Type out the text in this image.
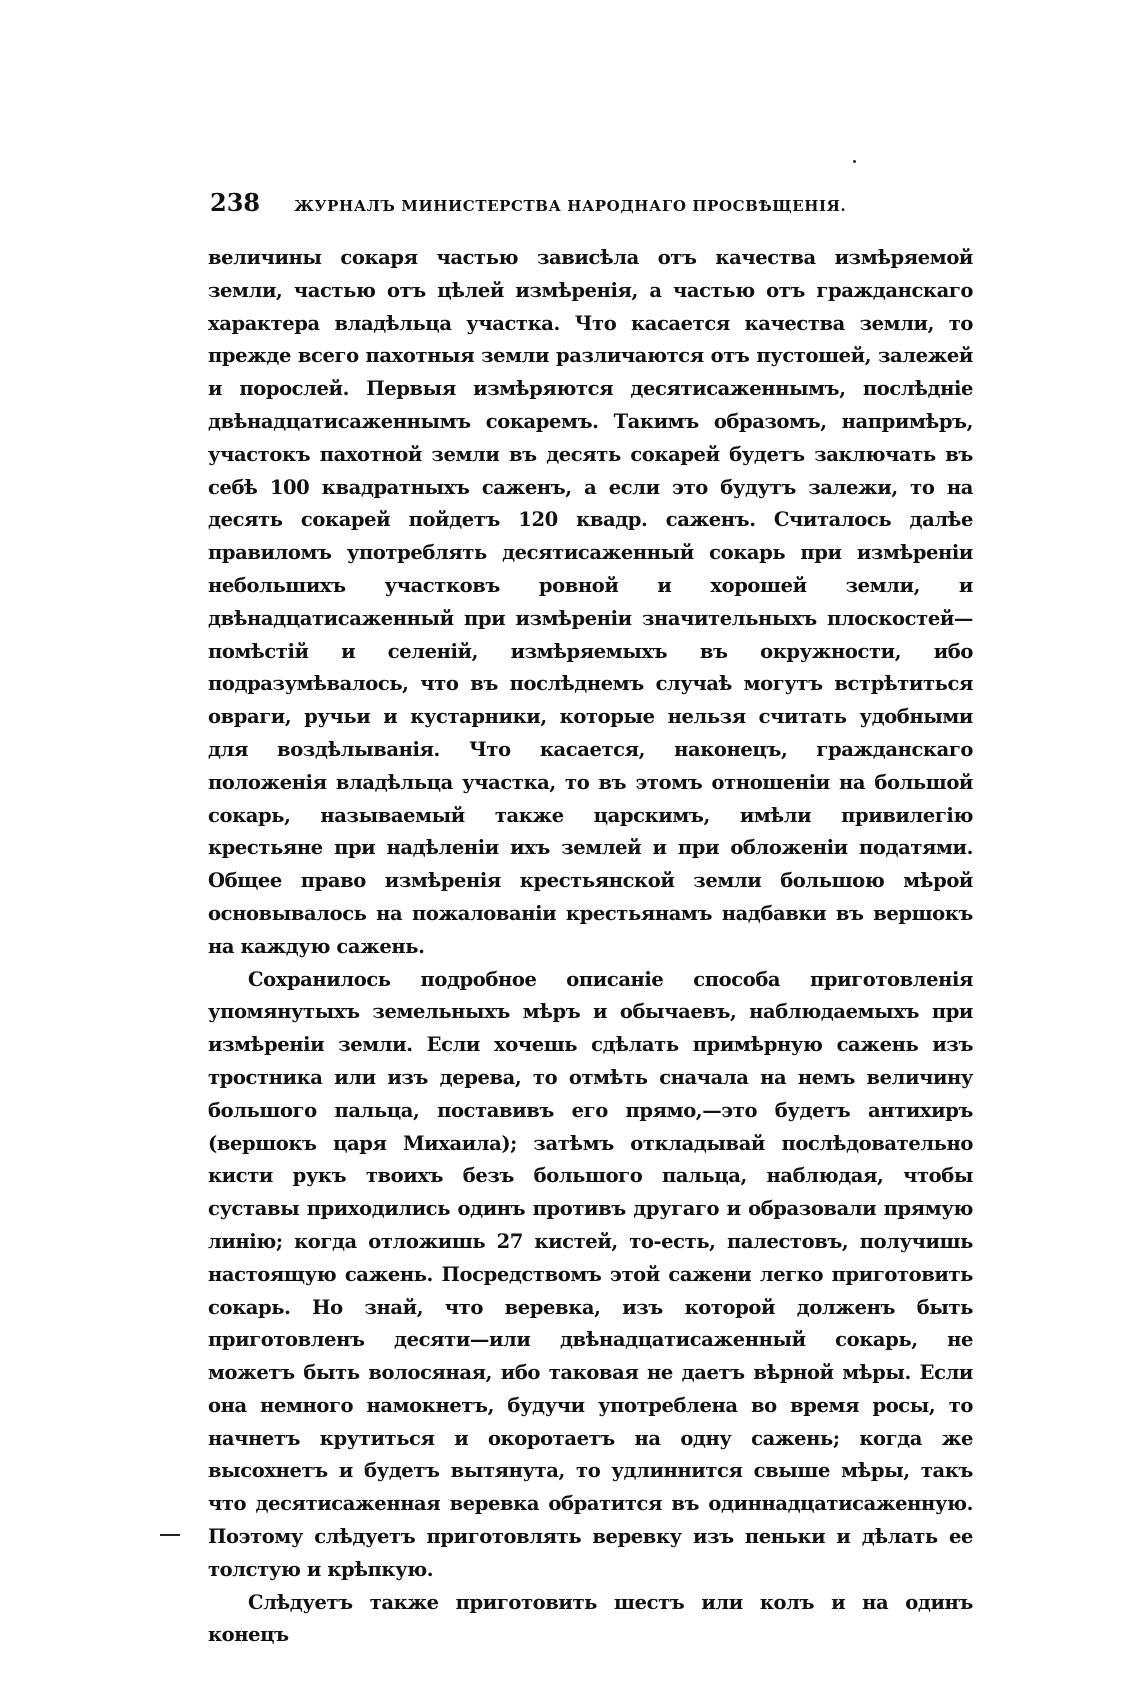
238 ЖУРНАЛЪ МИНИСТЕРСТВА НАРОДНАГО ПРОСВѢЩЕНІЯ.

величины сокаря частью зависѣла отъ качества измѣряемой земли, частью отъ цѣлей измѣренія, а частью отъ гражданскаго характера владѣльца участка. Что касается качества земли, то прежде всего пахотныя земли различаются отъ пустошей, залежей и порослей. Первыя измѣряются десятисаженнымъ, послѣдніе двѣнадцатисаженнымъ сокаремъ. Такимъ образомъ, напримѣръ, участокъ пахотной земли въ десять сокарей будетъ заключать въ себѣ 100 квадратныхъ саженъ, а если это будутъ залежи, то на десять сокарей пойдетъ 120 квадр. саженъ. Считалось далѣе правиломъ употреблять десятисаженный сокарь при измѣреніи небольшихъ участковъ ровной и хорошей земли, и двѣнадцатисаженный при измѣреніи значительныхъ плоскостей—помѣстій и селеній, измѣряемыхъ въ окружности, ибо подразумѣвалось, что въ послѣднемъ случаѣ могутъ встрѣтиться овраги, ручьи и кустарники, которые нельзя считать удобными для воздѣлыванія. Что касается, наконецъ, гражданскаго положенія владѣльца участка, то въ этомъ отношеніи на большой сокарь, называемый также царскимъ, имѣли привилегію крестьяне при надѣленіи ихъ землей и при обложеніи податями. Общее право измѣренія крестьянской земли большою мѣрой основывалось на пожалованіи крестьянамъ надбавки въ вершокъ на каждую сажень.

Сохранилось подробное описаніе способа приготовленія упомянутыхъ земельныхъ мѣръ и обычаевъ, наблюдаемыхъ при измѣреніи земли. Если хочешь сдѣлать примѣрную сажень изъ тростника или изъ дерева, то отмѣть сначала на немъ величину большого пальца, поставивъ его прямо,—это будетъ антихиръ (вершокъ царя Михаила); затѣмъ откладывай послѣдовательно кисти рукъ твоихъ безъ большого пальца, наблюдая, чтобы суставы приходились одинъ противъ другаго и образовали прямую линію; когда отложишь 27 кистей, то-есть, палестовъ, получишь настоящую сажень. Посредствомъ этой сажени легко приготовить сокарь. Но знай, что веревка, изъ которой долженъ быть приготовленъ десяти—или двѣнадцатисаженный сокарь, не можетъ быть волосяная, ибо таковая не даетъ вѣрной мѣры. Если она немного намокнетъ, будучи употреблена во время росы, то начнетъ крутиться и окоротаетъ на одну сажень; когда же высохнетъ и будетъ вытянута, то удлиннится свыше мѣры, такъ что десятисаженная веревка обратится въ одиннадцатисаженную. Поэтому слѣдуетъ приготовлять веревку изъ пеньки и дѣлать ее толстую и крѣпкую.

Слѣдуетъ также приготовить шестъ или колъ и на одинъ конецъ
